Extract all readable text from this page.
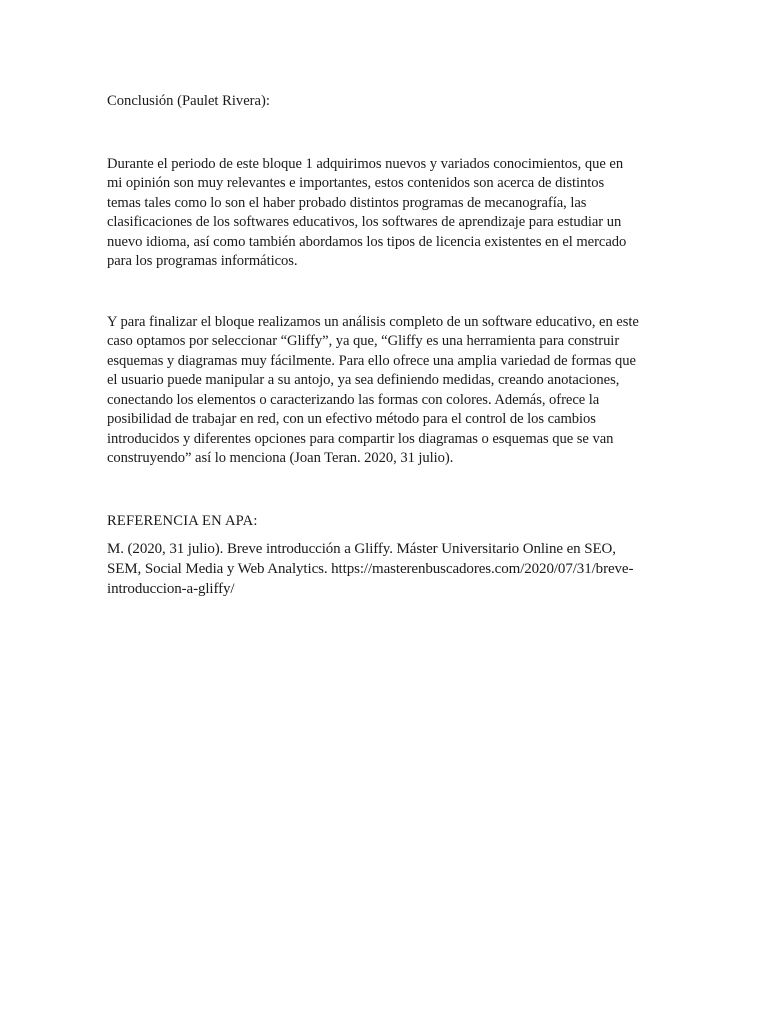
Conclusión (Paulet Rivera):
Durante el periodo de este bloque 1 adquirimos nuevos y variados conocimientos, que en
mi opinión son muy relevantes e importantes, estos contenidos son acerca de distintos
temas tales como lo son el haber probado distintos programas de mecanografía, las
clasificaciones de los softwares educativos, los softwares de aprendizaje para estudiar un
nuevo idioma, así como también abordamos los tipos de licencia existentes en el mercado
para los programas informáticos.
Y para finalizar el bloque realizamos un análisis completo de un software educativo, en este
caso optamos por seleccionar “Gliffy”, ya que, “Gliffy es una herramienta para construir
esquemas y diagramas muy fácilmente. Para ello ofrece una amplia variedad de formas que
el usuario puede manipular a su antojo, ya sea definiendo medidas, creando anotaciones,
conectando los elementos o caracterizando las formas con colores. Además, ofrece la
posibilidad de trabajar en red, con un efectivo método para el control de los cambios
introducidos y diferentes opciones para compartir los diagramas o esquemas que se van
construyendo” así lo menciona (Joan Teran. 2020, 31 julio).
REFERENCIA EN APA:
M. (2020, 31 julio). Breve introducción a Gliffy. Máster Universitario Online en SEO,
SEM, Social Media y Web Analytics. https://masterenbuscadores.com/2020/07/31/breve-
introduccion-a-gliffy/
